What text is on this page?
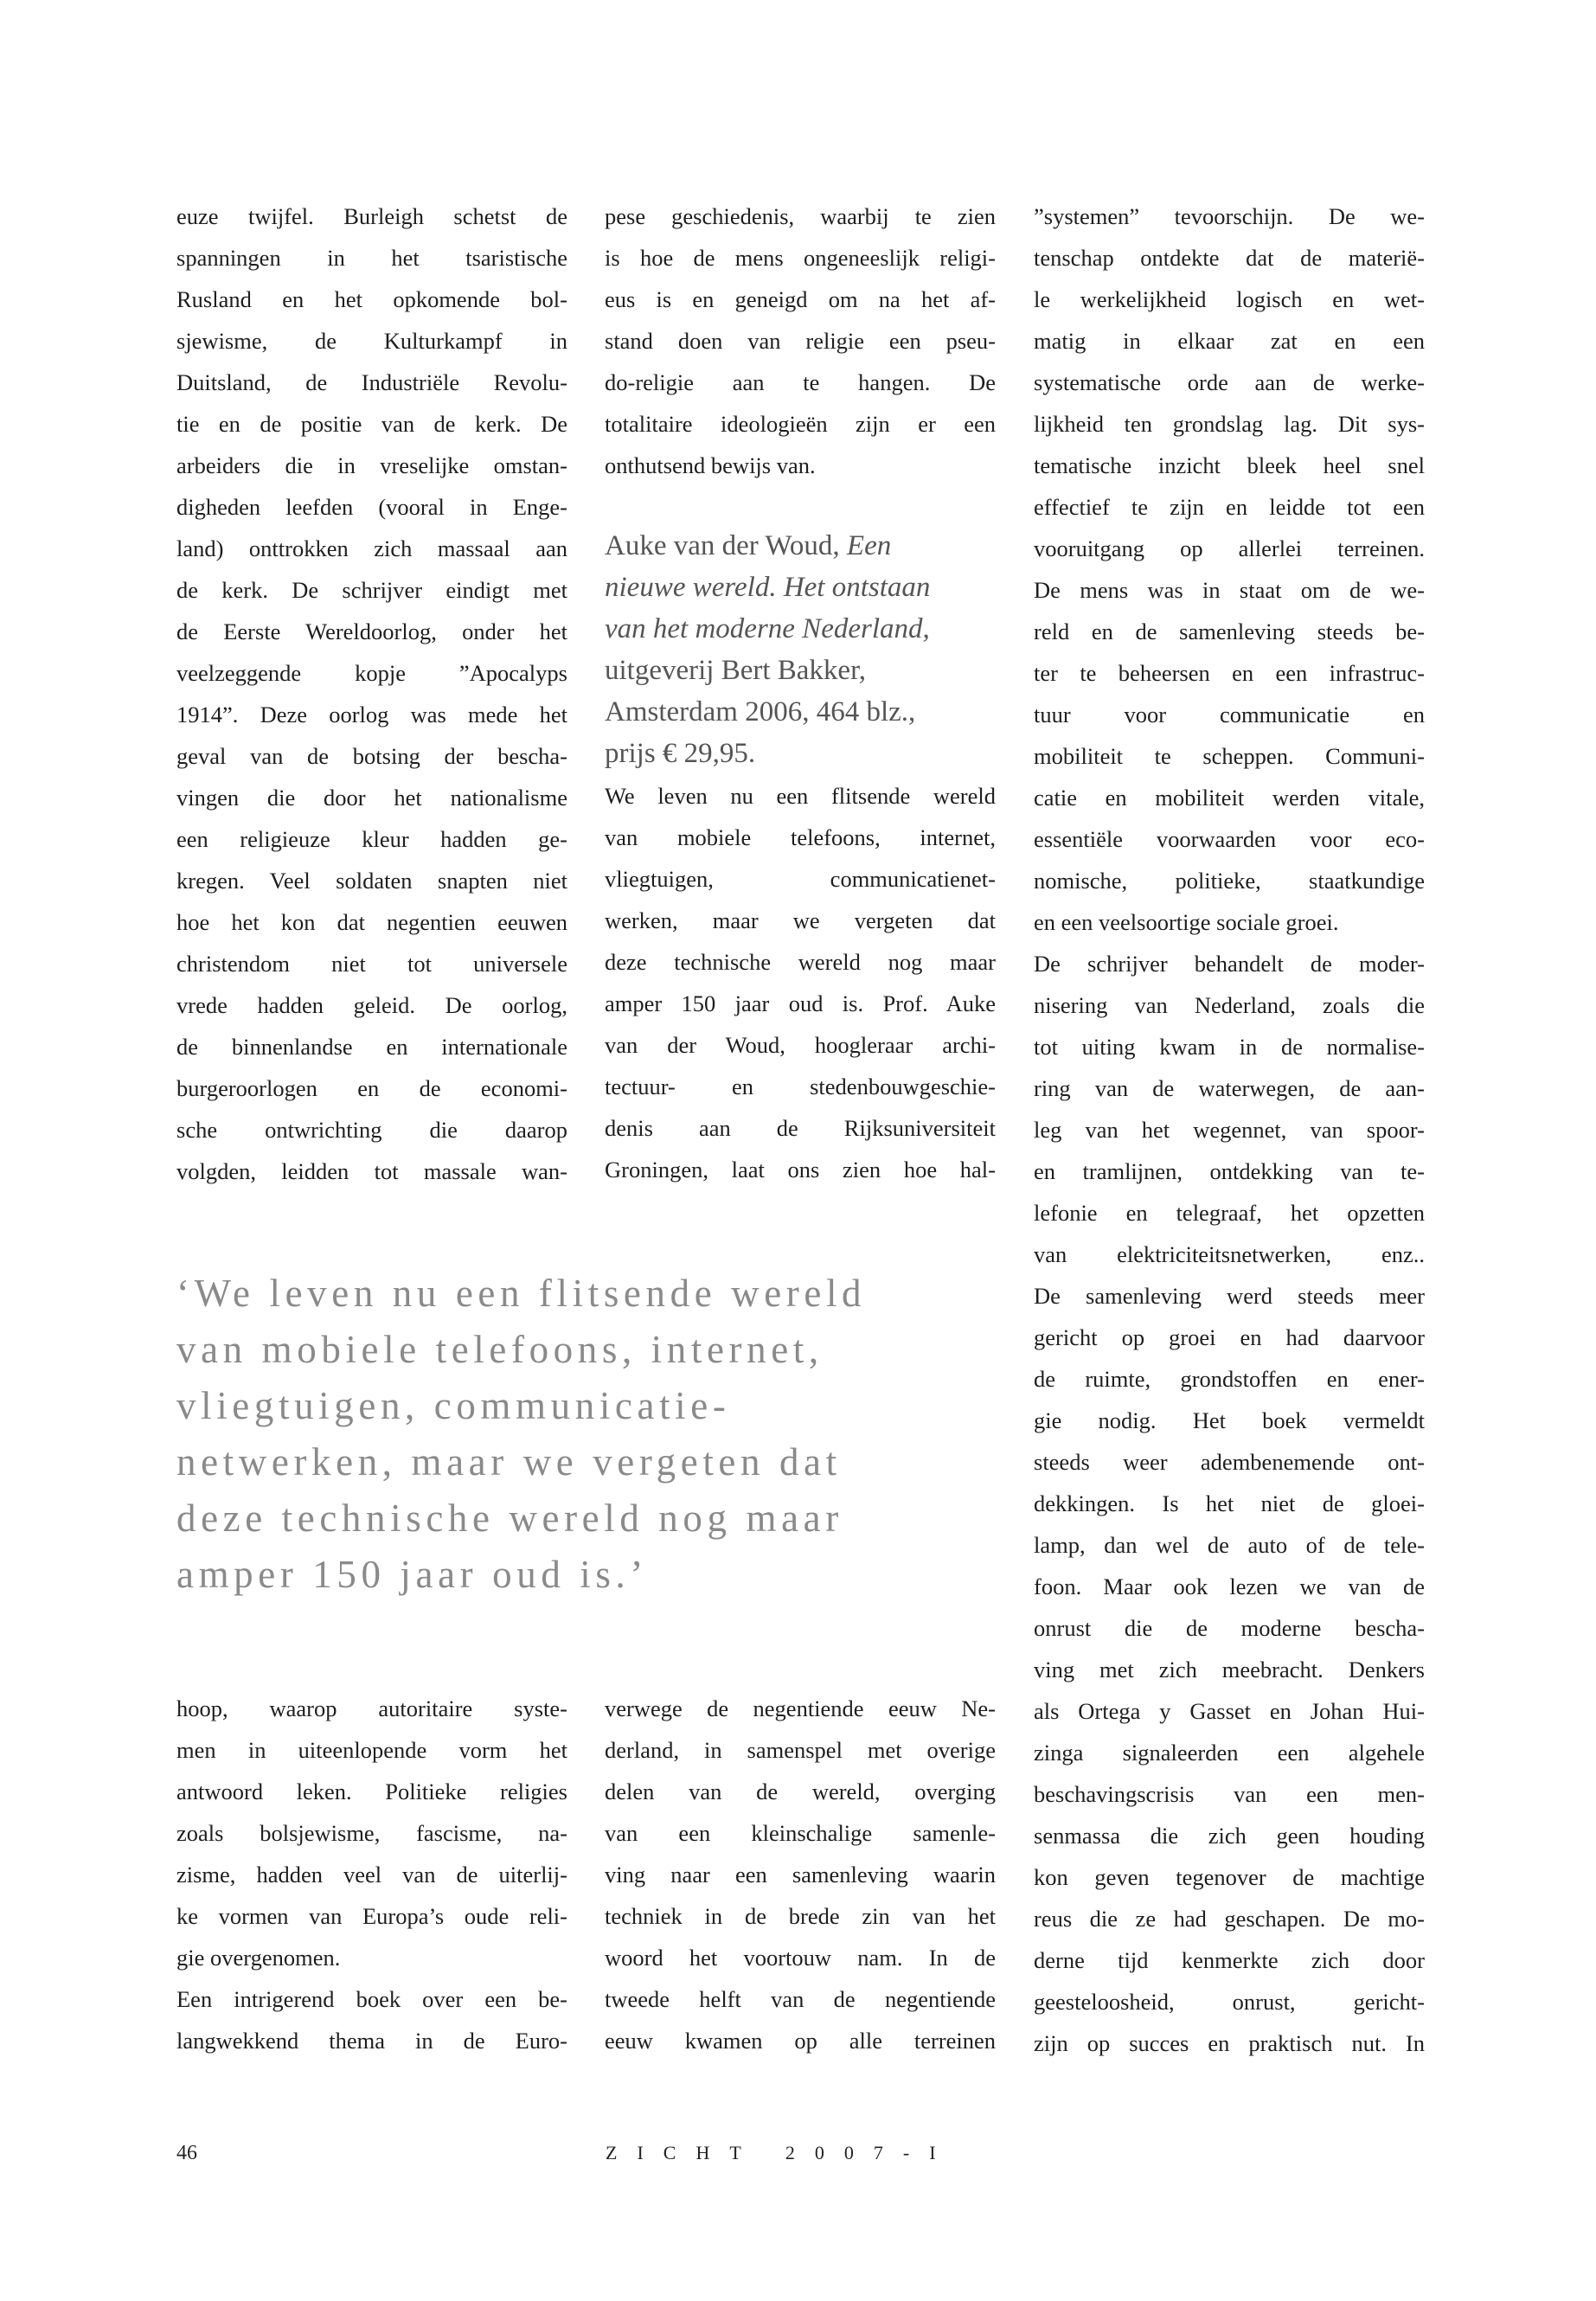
euze twijfel. Burleigh schetst de
spanningen in het tsaristische
Rusland en het opkomende bol-
sjewisme, de Kulturkampf in
Duitsland, de Industriële Revolu-
tie en de positie van de kerk. De
arbeiders die in vreselijke omstan-
digheden leefden (vooral in Enge-
land) onttrokken zich massaal aan
de kerk. De schrijver eindigt met
de Eerste Wereldoorlog, onder het
veelzeggende kopje ”Apocalyps
1914”. Deze oorlog was mede het
geval van de botsing der bescha-
vingen die door het nationalisme
een religieuze kleur hadden ge-
kregen. Veel soldaten snapten niet
hoe het kon dat negentien eeuwen
christendom niet tot universele
vrede hadden geleid. De oorlog,
de binnenlandse en internationale
burgeroorlogen en de economi-
sche ontwrichting die daarop
volgden, leidden tot massale wan-
pese geschiedenis, waarbij te zien
is hoe de mens ongeneeslijk religi-
eus is en geneigd om na het af-
stand doen van religie een pseu-
do-religie aan te hangen. De
totalitaire ideologieën zijn er een
onthutsend bewijs van.
Auke van der Woud, Een
nieuwe wereld. Het ontstaan
van het moderne Nederland,
uitgeverij Bert Bakker,
Amsterdam 2006, 464 blz.,
prijs € 29,95.
We leven nu een flitsende wereld
van mobiele telefoons, internet,
vliegtuigen, communicatienet-
werken, maar we vergeten dat
deze technische wereld nog maar
amper 150 jaar oud is. Prof. Auke
van der Woud, hoogleraar archi-
tectuur- en stedenbouwgeschie-
denis aan de Rijksuniversiteit
Groningen, laat ons zien hoe hal-
”systemen” tevoorschijn. De we-
tenschap ontdekte dat de materië-
le werkelijkheid logisch en wet-
matig in elkaar zat en een
systematische orde aan de werke-
lijkheid ten grondslag lag. Dit sys-
tematische inzicht bleek heel snel
effectief te zijn en leidde tot een
vooruitgang op allerlei terreinen.
De mens was in staat om de we-
reld en de samenleving steeds be-
ter te beheersen en een infrastruc-
tuur voor communicatie en
mobiliteit te scheppen. Communi-
catie en mobiliteit werden vitale,
essentiële voorwaarden voor eco-
nomische, politieke, staatkundige
en een veelsoortige sociale groei.
De schrijver behandelt de moder-
nisering van Nederland, zoals die
tot uiting kwam in de normalise-
ring van de waterwegen, de aan-
leg van het wegennet, van spoor-
en tramlijnen, ontdekking van te-
lefonie en telegraaf, het opzetten
van elektriciteitsnetwerken, enz..
De samenleving werd steeds meer
gericht op groei en had daarvoor
de ruimte, grondstoffen en ener-
gie nodig. Het boek vermeldt
steeds weer adembenemende ont-
dekkingen. Is het niet de gloei-
lamp, dan wel de auto of de tele-
foon. Maar ook lezen we van de
onrust die de moderne bescha-
ving met zich meebracht. Denkers
als Ortega y Gasset en Johan Hui-
zinga signaleerden een algehele
beschavingscrisis van een men-
senmassa die zich geen houding
kon geven tegenover de machtige
reus die ze had geschapen. De mo-
derne tijd kenmerkte zich door
geesteloosheid, onrust, gericht-
zijn op succes en praktisch nut. In
‘We leven nu een flitsende wereld
van mobiele telefoons, internet,
vliegtuigen, communicatie-
netwerken, maar we vergeten dat
deze technische wereld nog maar
amper 150 jaar oud is.’
hoop, waarop autoritaire syste-
men in uiteenlopende vorm het
antwoord leken. Politieke religies
zoals bolsjewisme, fascisme, na-
zisme, hadden veel van de uiterlij-
ke vormen van Europa’s oude reli-
gie overgenomen.
Een intrigerend boek over een be-
langwekkend thema in de Euro-
verwege de negentiende eeuw Ne-
derland, in samenspel met overige
delen van de wereld, overging
van een kleinschalige samenle-
ving naar een samenleving waarin
techniek in de brede zin van het
woord het voortouw nam. In de
tweede helft van de negentiende
eeuw kwamen op alle terreinen
46	ZICHT 2007-I
